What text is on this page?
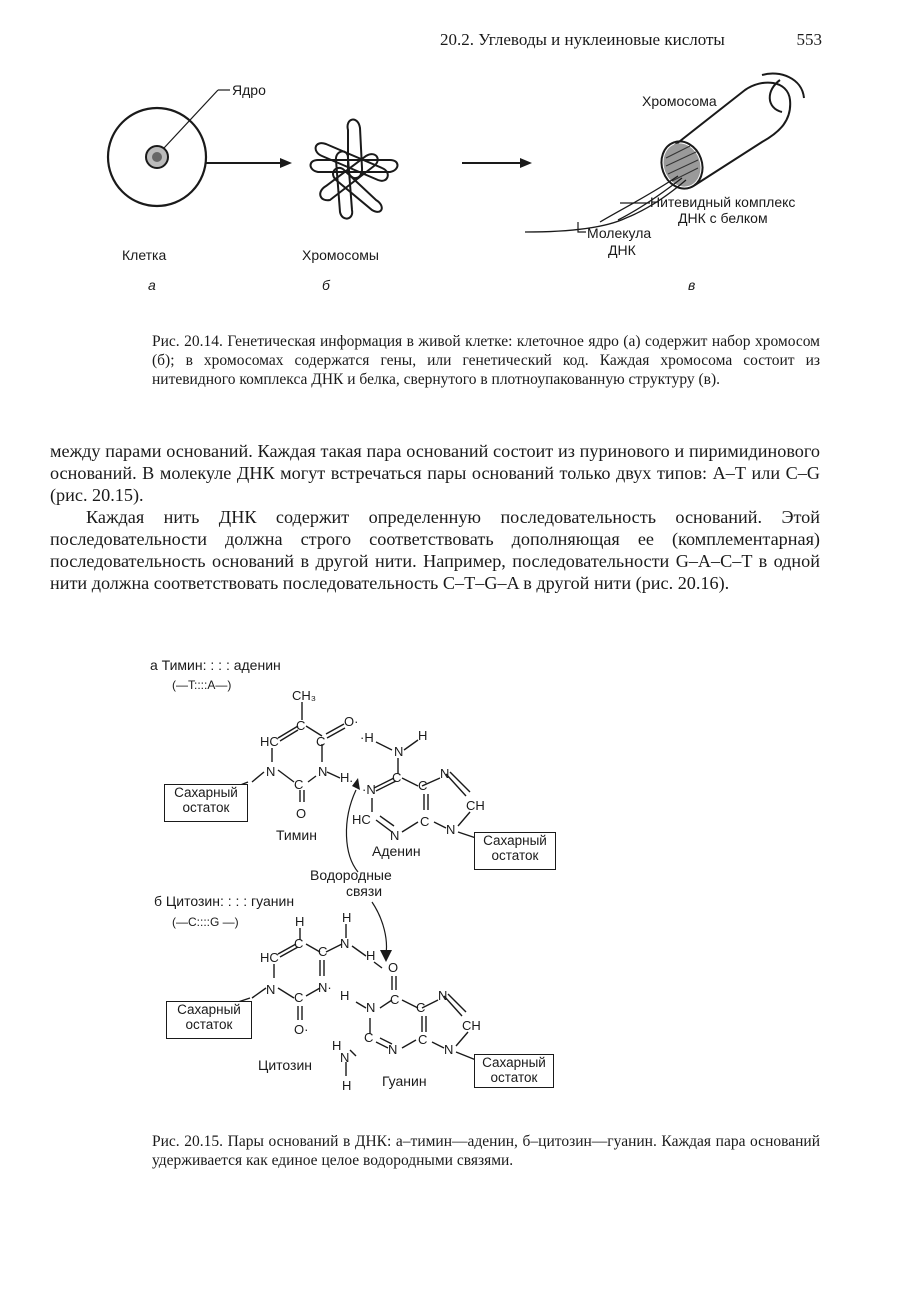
20.2. Углеводы и нуклеиновые кислоты	553
Ядро
Клетка	Хромосомы
Хромосома
Нитевидный комплекс
ДНК с белком
Молекула
ДНК
а	б	в
Рис. 20.14. Генетическая информация в живой клетке: клеточное ядро (а) содержит набор хромосом (б); в хромосомах содержатся гены, или генетический код. Каждая хромосома состоит из нитевидного комплекса ДНК и белка, свернутого в плотноупакованную структуру (в).
между парами оснований. Каждая такая пара оснований состоит из пуринового и пиримидинового оснований. В молекуле ДНК могут встречаться пары оснований только двух типов: А–Т или С–G (рис. 20.15).
Каждая нить ДНК содержит определенную последовательность оснований. Этой последовательности должна строго соответствовать дополняющая ее (комплементарная) последовательность оснований в другой нити. Например, последовательности G–A–C–T в одной нити должна соответствовать последовательность C–T–G–A в другой нити (рис. 20.16).
а Тимин: : : : аденин
(—T::::A—)
CH₃
C
HC	C
O·
N	N
C
O
H.
·H
N
H
·N
C
C
N
CH
HC
N
C
N
Тимин
Аденин
Водородные
связи
б Цитозин: : : : гуанин
(—C::::G —)	H	H
C
HC	C
N
H
N
C
N·
O·
H
O
N
C
C
N
CH
C
N
C
N
H
N
H
Цитозин
Гуанин
Сахарный
остаток
Сахарный
остаток
Сахарный
остаток
Сахарный
остаток
Рис. 20.15. Пары оснований в ДНК: а–тимин—аденин, б–цитозин—гуанин. Каждая пара оснований удерживается как единое целое водородными связями.
